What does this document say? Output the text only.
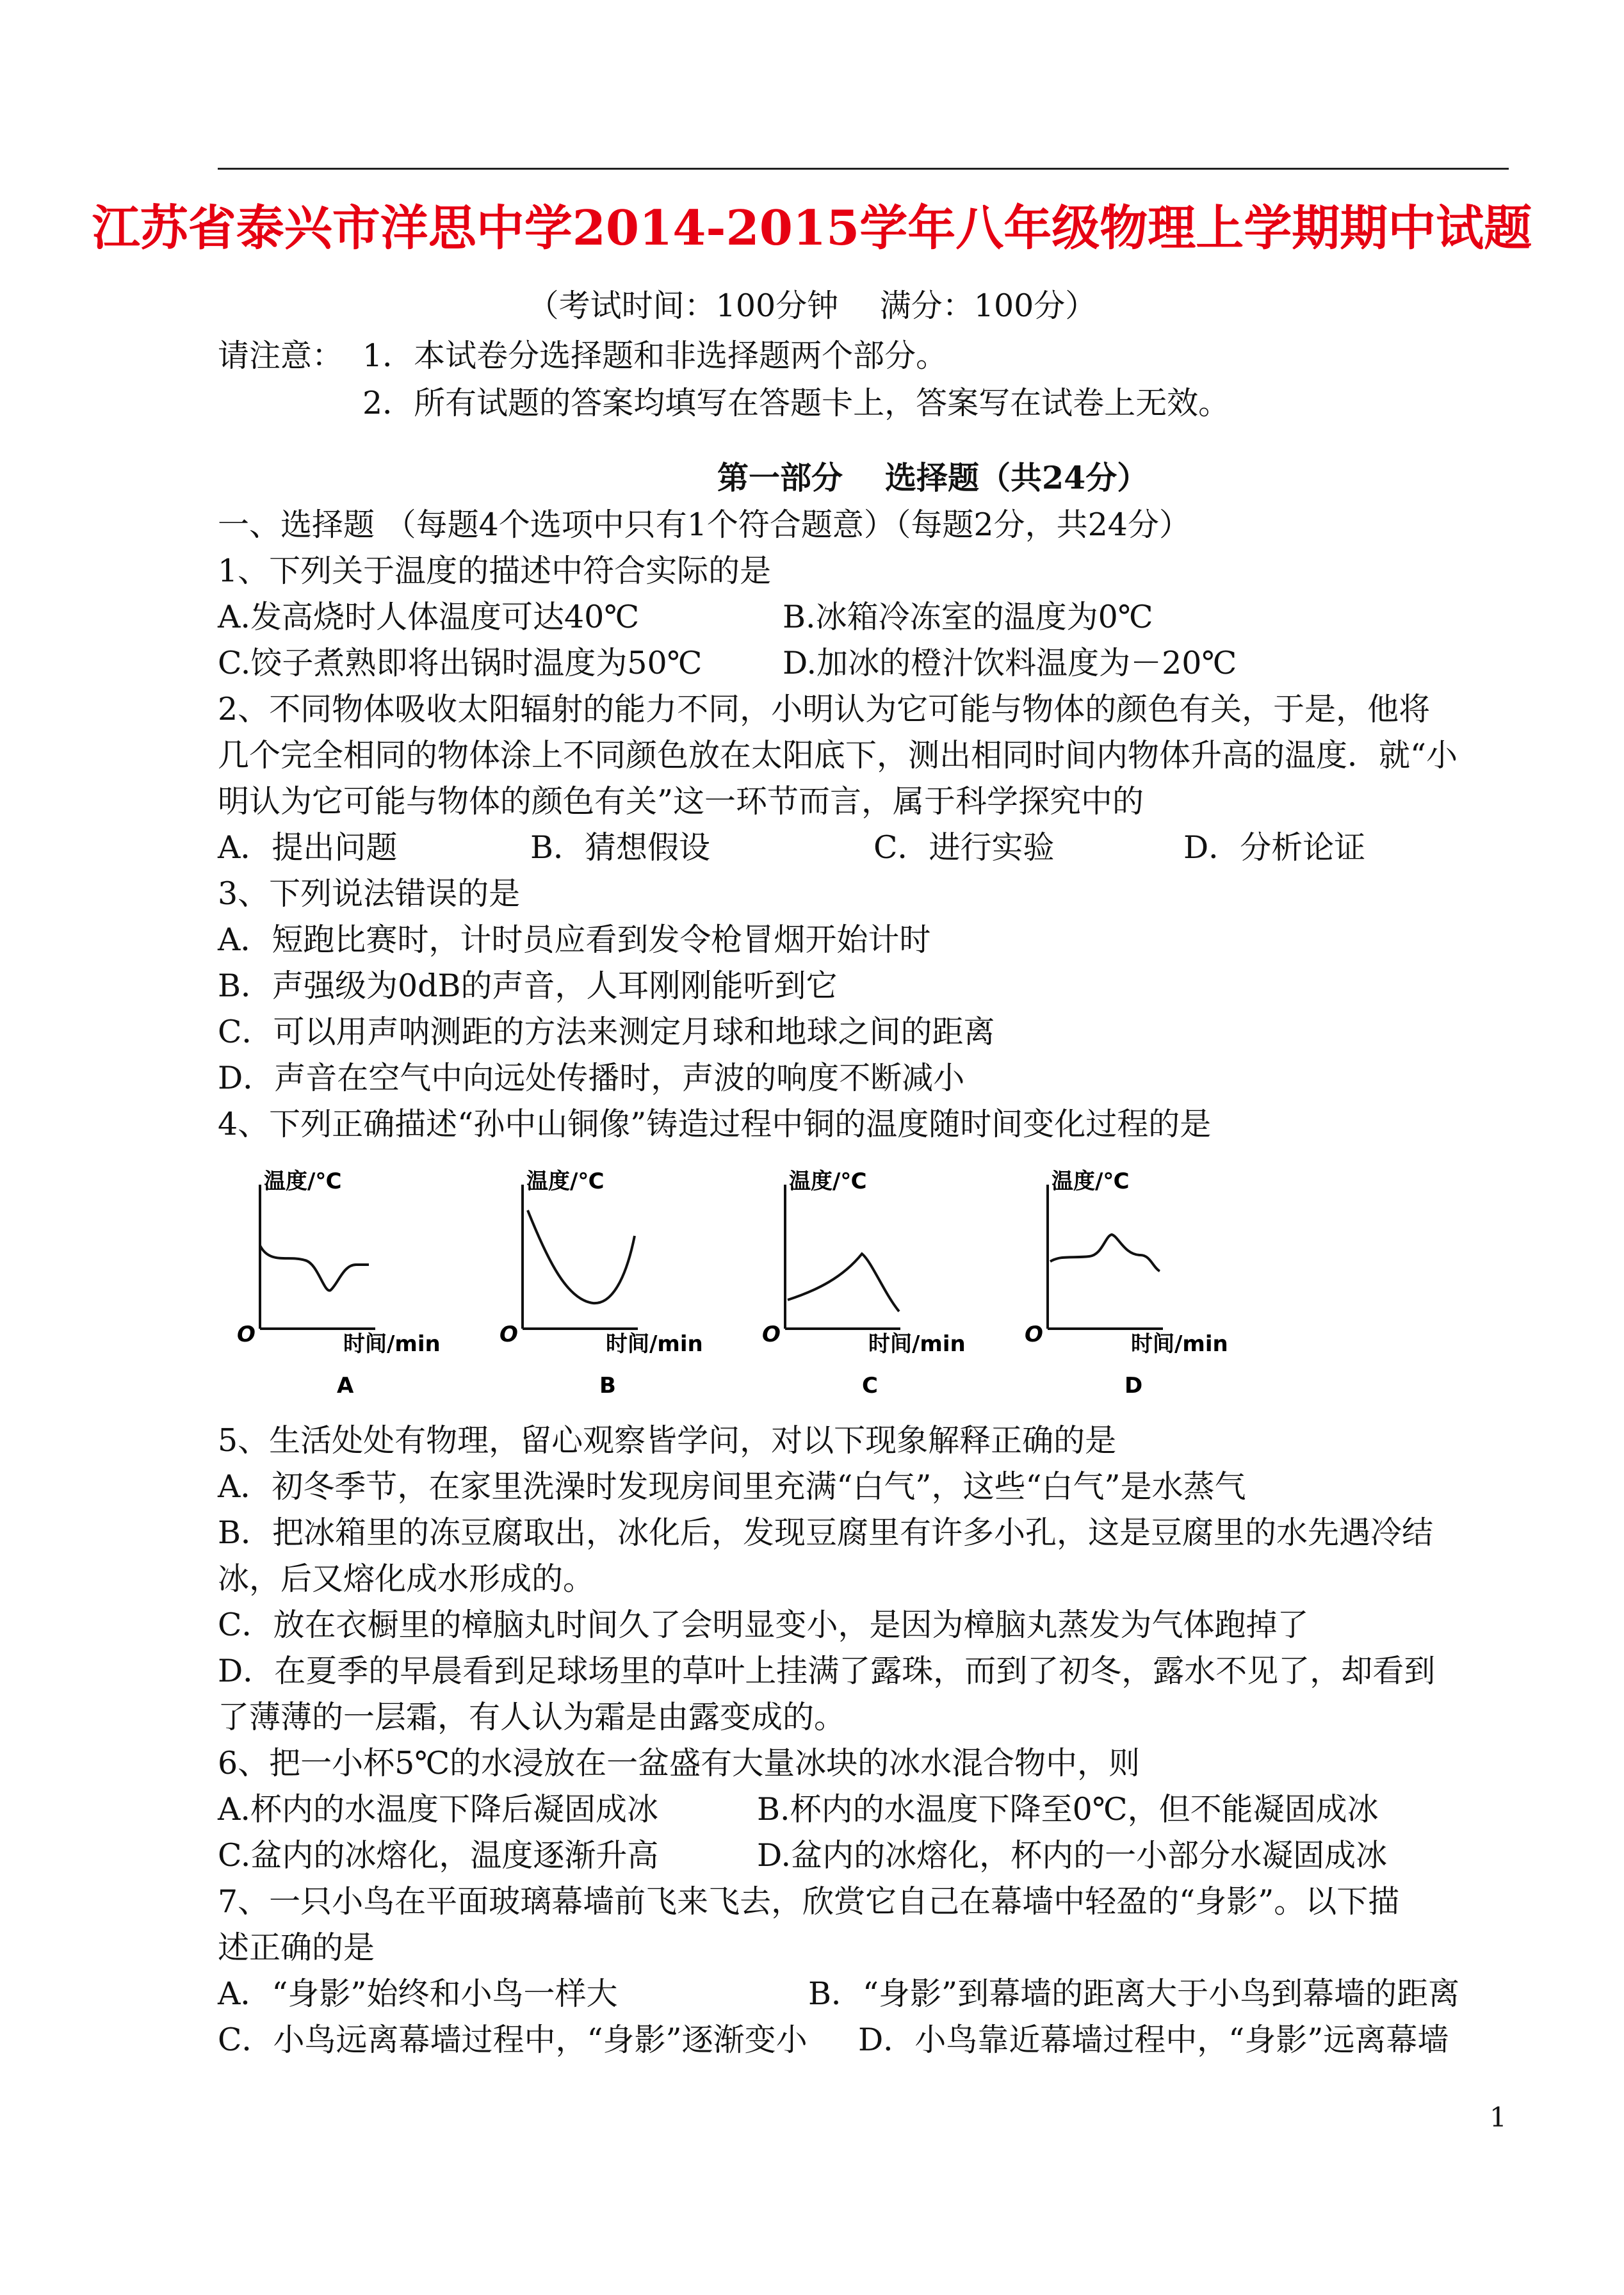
江苏省泰兴市洋思中学2014-2015学年八年级物理上学期期中试题
（考试时间：100分钟　 满分：100分）
请注意： 1．本试卷分选择题和非选择题两个部分。
2．所有试题的答案均填写在答题卡上，答案写在试卷上无效。
第一部分　 选择题（共24分）
一、选择题 （每题4个选项中只有1个符合题意）（每题2分，共24分）
1、下列关于温度的描述中符合实际的是
A.发高烧时人体温度可达40℃	B.冰箱冷冻室的温度为0℃
C.饺子煮熟即将出锅时温度为50℃	D.加冰的橙汁饮料温度为－20℃
2、不同物体吸收太阳辐射的能力不同，小明认为它可能与物体的颜色有关，于是，他将
几个完全相同的物体涂上不同颜色放在太阳底下，测出相同时间内物体升高的温度．就“小
明认为它可能与物体的颜色有关”这一环节而言，属于科学探究中的
A．提出问题	B．猜想假设	C．进行实验	D．分析论证
3、下列说法错误的是
A．短跑比赛时，计时员应看到发令枪冒烟开始计时
B．声强级为0dB的声音，人耳刚刚能听到它
C．可以用声呐测距的方法来测定月球和地球之间的距离
D．声音在空气中向远处传播时，声波的响度不断减小
4、下列正确描述“孙中山铜像”铸造过程中铜的温度随时间变化过程的是
温度/℃
O	时间/min
A
温度/℃
O	时间/min
B
温度/℃
O	时间/min
C
温度/℃
O	时间/min
D
5、生活处处有物理，留心观察皆学问，对以下现象解释正确的是
A．初冬季节，在家里洗澡时发现房间里充满“白气”，这些“白气”是水蒸气
B．把冰箱里的冻豆腐取出，冰化后，发现豆腐里有许多小孔，这是豆腐里的水先遇冷结
冰，后又熔化成水形成的。
C．放在衣橱里的樟脑丸时间久了会明显变小，是因为樟脑丸蒸发为气体跑掉了
D．在夏季的早晨看到足球场里的草叶上挂满了露珠，而到了初冬，露水不见了，却看到
了薄薄的一层霜，有人认为霜是由露变成的。
6、把一小杯5℃的水浸放在一盆盛有大量冰块的冰水混合物中，则
A.杯内的水温度下降后凝固成冰	B.杯内的水温度下降至0℃，但不能凝固成冰
C.盆内的冰熔化，温度逐渐升高	D.盆内的冰熔化，杯内的一小部分水凝固成冰
7、一只小鸟在平面玻璃幕墙前飞来飞去，欣赏它自己在幕墙中轻盈的“身影”。以下描
述正确的是
A．“身影”始终和小鸟一样大	B．“身影”到幕墙的距离大于小鸟到幕墙的距离
C．小鸟远离幕墙过程中，“身影”逐渐变小 D．小鸟靠近幕墙过程中，“身影”远离幕墙
1
